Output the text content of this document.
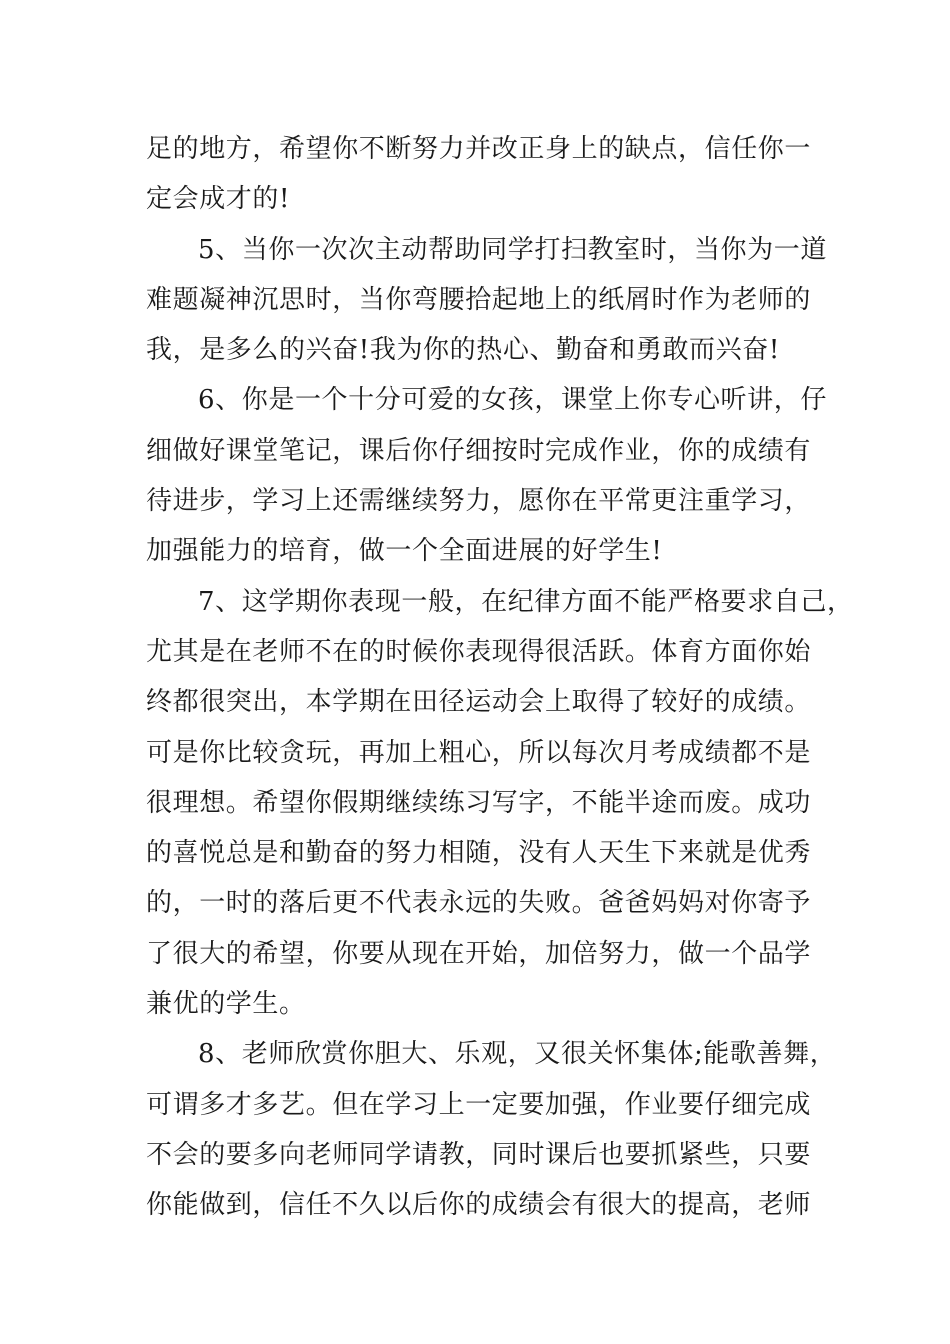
足的地方，希望你不断努力并改正身上的缺点，信任你一
定会成才的!
5、当你一次次主动帮助同学打扫教室时，当你为一道
难题凝神沉思时，当你弯腰拾起地上的纸屑时作为老师的
我，是多么的兴奋!我为你的热心、勤奋和勇敢而兴奋!
6、你是一个十分可爱的女孩，课堂上你专心听讲，仔
细做好课堂笔记，课后你仔细按时完成作业，你的成绩有
待进步，学习上还需继续努力，愿你在平常更注重学习，
加强能力的培育，做一个全面进展的好学生!
7、这学期你表现一般，在纪律方面不能严格要求自己，
尤其是在老师不在的时候你表现得很活跃。体育方面你始
终都很突出，本学期在田径运动会上取得了较好的成绩。
可是你比较贪玩，再加上粗心，所以每次月考成绩都不是
很理想。希望你假期继续练习写字，不能半途而废。成功
的喜悦总是和勤奋的努力相随，没有人天生下来就是优秀
的，一时的落后更不代表永远的失败。爸爸妈妈对你寄予
了很大的希望，你要从现在开始，加倍努力，做一个品学
兼优的学生。
8、老师欣赏你胆大、乐观，又很关怀集体;能歌善舞，
可谓多才多艺。但在学习上一定要加强，作业要仔细完成
不会的要多向老师同学请教，同时课后也要抓紧些，只要
你能做到，信任不久以后你的成绩会有很大的提高，老师
